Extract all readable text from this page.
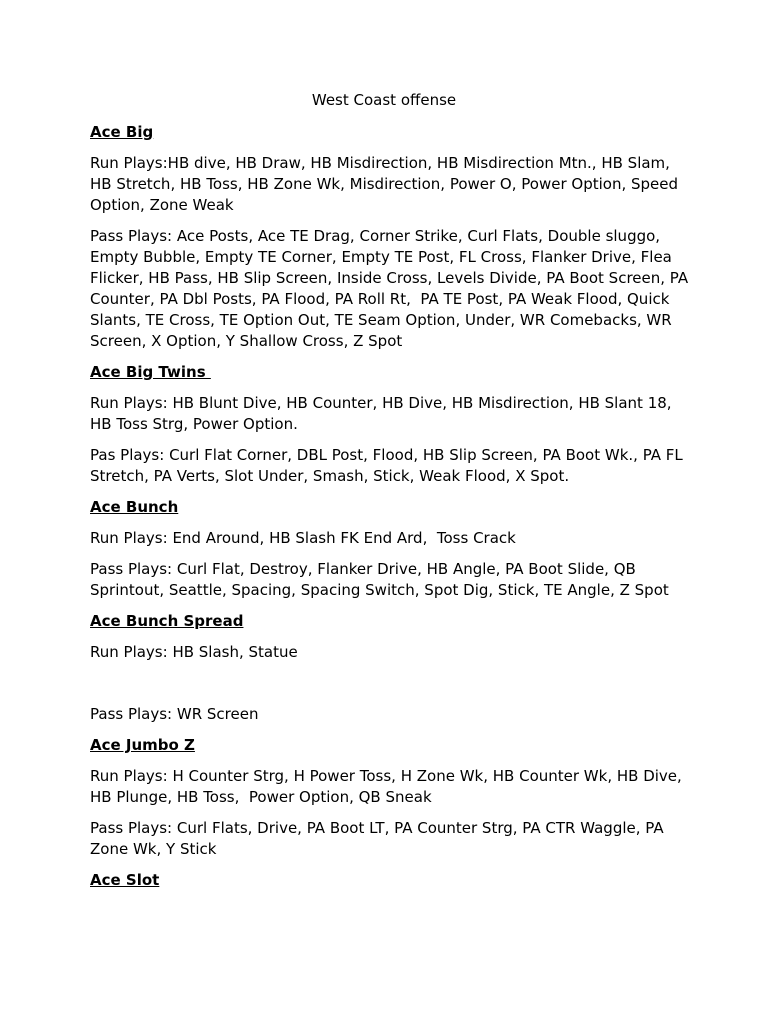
West Coast offense
Ace Big
Run Plays:HB dive, HB Draw, HB Misdirection, HB Misdirection Mtn., HB Slam, HB Stretch, HB Toss, HB Zone Wk, Misdirection, Power O, Power Option, Speed Option, Zone Weak
Pass Plays: Ace Posts, Ace TE Drag, Corner Strike, Curl Flats, Double sluggo, Empty Bubble, Empty TE Corner, Empty TE Post, FL Cross, Flanker Drive, Flea Flicker, HB Pass, HB Slip Screen, Inside Cross, Levels Divide, PA Boot Screen, PA Counter, PA Dbl Posts, PA Flood, PA Roll Rt,  PA TE Post, PA Weak Flood, Quick Slants, TE Cross, TE Option Out, TE Seam Option, Under, WR Comebacks, WR Screen, X Option, Y Shallow Cross, Z Spot
Ace Big Twins
Run Plays: HB Blunt Dive, HB Counter, HB Dive, HB Misdirection, HB Slant 18, HB Toss Strg, Power Option.
Pas Plays: Curl Flat Corner, DBL Post, Flood, HB Slip Screen, PA Boot Wk., PA FL Stretch, PA Verts, Slot Under, Smash, Stick, Weak Flood, X Spot.
Ace Bunch
Run Plays: End Around, HB Slash FK End Ard,  Toss Crack
Pass Plays: Curl Flat, Destroy, Flanker Drive, HB Angle, PA Boot Slide, QB Sprintout, Seattle, Spacing, Spacing Switch, Spot Dig, Stick, TE Angle, Z Spot
Ace Bunch Spread
Run Plays: HB Slash, Statue
Pass Plays: WR Screen
Ace Jumbo Z
Run Plays: H Counter Strg, H Power Toss, H Zone Wk, HB Counter Wk, HB Dive, HB Plunge, HB Toss,  Power Option, QB Sneak
Pass Plays: Curl Flats, Drive, PA Boot LT, PA Counter Strg, PA CTR Waggle, PA Zone Wk, Y Stick
Ace Slot
